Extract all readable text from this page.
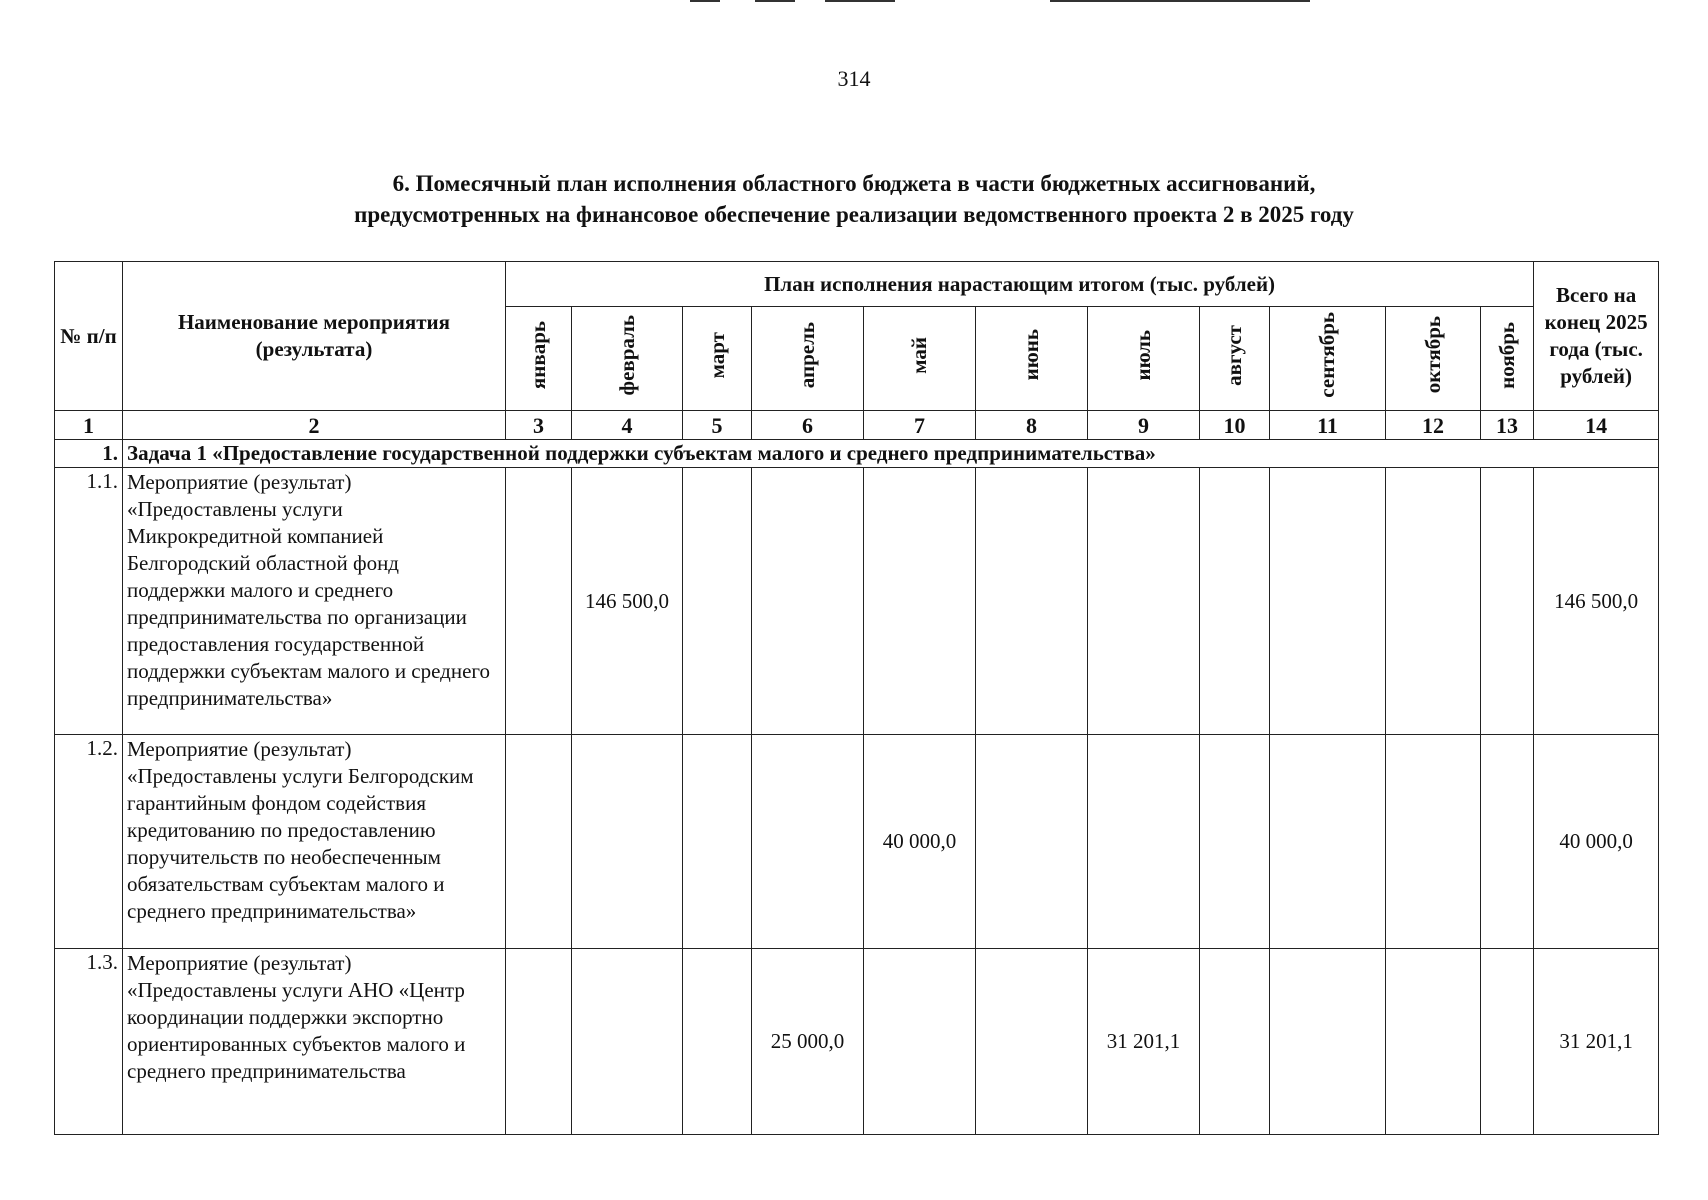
314
6. Помесячный план исполнения областного бюджета в части бюджетных ассигнований,
предусмотренных на финансовое обеспечение реализации ведомственного проекта 2 в 2025 году
№ п/п	Наименование мероприятия (результата)	План исполнения нарастающим итогом (тыс. рублей)											Всего на конец 2025 года (тыс. рублей)
		январь	февраль	март	апрель	май	июнь	июль	август	сентябрь	октябрь	ноябрь	
1	2	3	4	5	6	7	8	9	10	11	12	13	14
1.	Задача 1 «Предоставление государственной поддержки субъектам малого и среднего предпринимательства»												

1.1.	Мероприятие (результат) «Предоставлены услуги Микрокредитной компанией Белгородский областной фонд поддержки малого и среднего предпринимательства по организации предоставления государственной поддержки субъектам малого и среднего предпринимательства»		146 500,0										146 500,0
1.2.	Мероприятие (результат) «Предоставлены услуги Белгородским гарантийным фондом содействия кредитованию по предоставлению поручительств по необеспеченным обязательствам субъектам малого и среднего предпринимательства»					40 000,0							40 000,0
1.3.	Мероприятие (результат) «Предоставлены услуги АНО «Центр координации поддержки экспортно ориентированных субъектов малого и среднего предпринимательства				25 000,0			31 201,1					31 201,1
